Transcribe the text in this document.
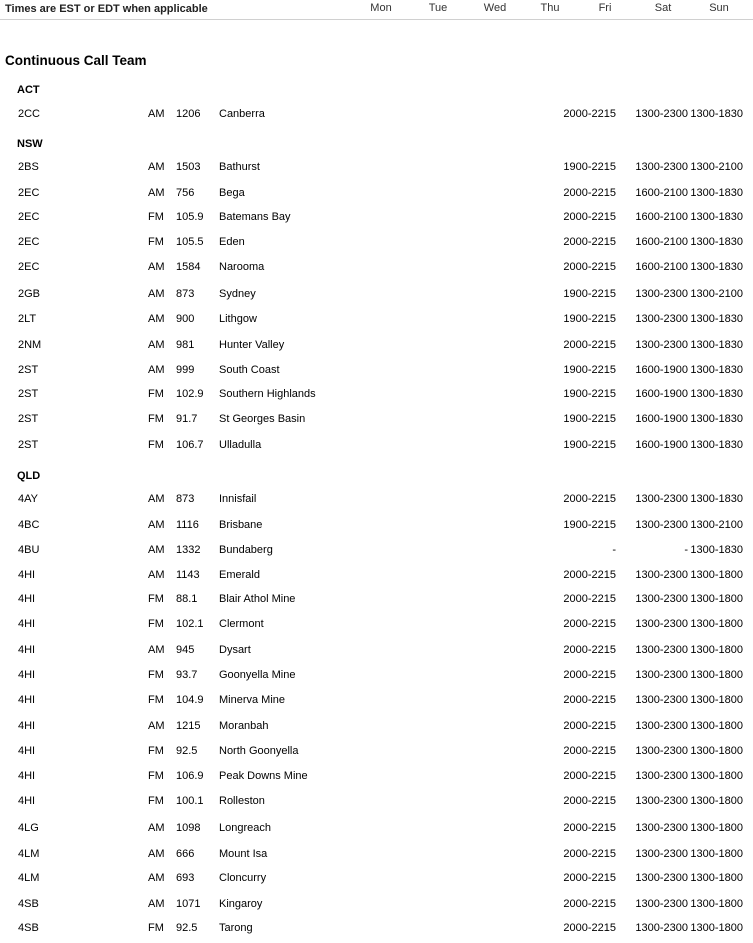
Times are EST or EDT when applicable	Mon	Tue	Wed	Thu	Fri	Sat	Sun
Continuous Call Team
ACT
2CC	AM 1206 Canberra	2000-2215 1300-2300 1300-1830
NSW
2BS	AM 1503 Bathurst	1900-2215 1300-2300 1300-2100
2EC	AM 756 Bega	2000-2215 1600-2100 1300-1830
2EC	FM 105.9 Batemans Bay	2000-2215 1600-2100 1300-1830
2EC	FM 105.5 Eden	2000-2215 1600-2100 1300-1830
2EC	AM 1584 Narooma	2000-2215 1600-2100 1300-1830
2GB	AM 873 Sydney	1900-2215 1300-2300 1300-2100
2LT	AM 900 Lithgow	1900-2215 1300-2300 1300-1830
2NM	AM 981 Hunter Valley	2000-2215 1300-2300 1300-1830
2ST	AM 999 South Coast	1900-2215 1600-1900 1300-1830
2ST	FM 102.9 Southern Highlands	1900-2215 1600-1900 1300-1830
2ST	FM 91.7 St Georges Basin	1900-2215 1600-1900 1300-1830
2ST	FM 106.7 Ulladulla	1900-2215 1600-1900 1300-1830
QLD
4AY	AM 873 Innisfail	2000-2215 1300-2300 1300-1830
4BC	AM 1116 Brisbane	1900-2215 1300-2300 1300-2100
4BU	AM 1332 Bundaberg	-	- 1300-1830
4HI	AM 1143 Emerald	2000-2215 1300-2300 1300-1800
4HI	FM 88.1 Blair Athol Mine	2000-2215 1300-2300 1300-1800
4HI	FM 102.1 Clermont	2000-2215 1300-2300 1300-1800
4HI	AM 945 Dysart	2000-2215 1300-2300 1300-1800
4HI	FM 93.7 Goonyella Mine	2000-2215 1300-2300 1300-1800
4HI	FM 104.9 Minerva Mine	2000-2215 1300-2300 1300-1800
4HI	AM 1215 Moranbah	2000-2215 1300-2300 1300-1800
4HI	FM 92.5 North Goonyella	2000-2215 1300-2300 1300-1800
4HI	FM 106.9 Peak Downs Mine	2000-2215 1300-2300 1300-1800
4HI	FM 100.1 Rolleston	2000-2215 1300-2300 1300-1800
4LG	AM 1098 Longreach	2000-2215 1300-2300 1300-1800
4LM	AM 666 Mount Isa	2000-2215 1300-2300 1300-1800
4LM	AM 693 Cloncurry	2000-2215 1300-2300 1300-1800
4SB	AM 1071 Kingaroy	2000-2215 1300-2300 1300-1800
4SB	FM 92.5 Tarong	2000-2215 1300-2300 1300-1800
